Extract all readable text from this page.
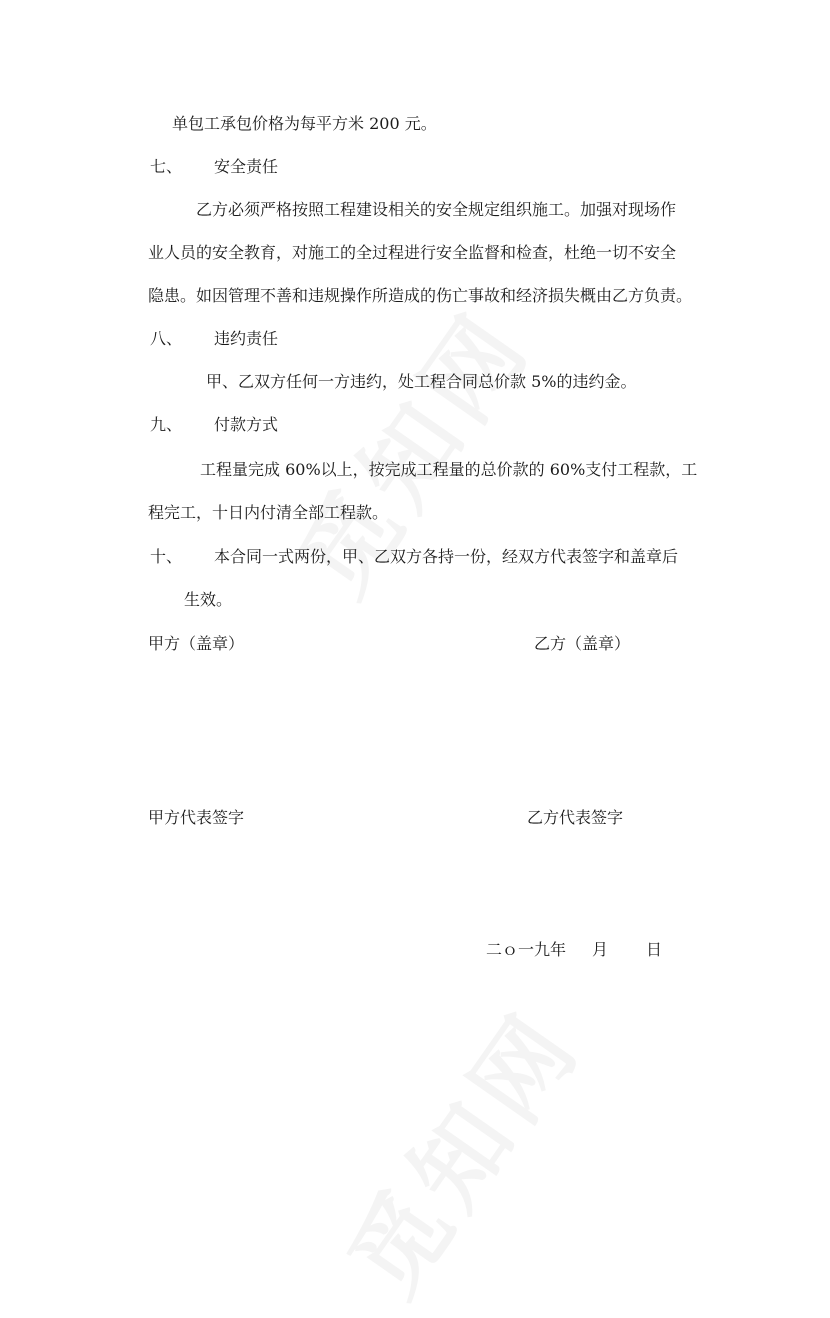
单包工承包价格为每平方米 200 元。
七、 安全责任
乙方必须严格按照工程建设相关的安全规定组织施工。加强对现场作
业人员的安全教育，对施工的全过程进行安全监督和检查，杜绝一切不安全
隐患。如因管理不善和违规操作所造成的伤亡事故和经济损失概由乙方负责。
八、 违约责任
甲、乙双方任何一方违约，处工程合同总价款 5%的违约金。
九、 付款方式
工程量完成 60%以上，按完成工程量的总价款的 60%支付工程款，工
程完工，十日内付清全部工程款。
十、 本合同一式两份，甲、乙双方各持一份，经双方代表签字和盖章后
生效。
甲方（盖章）	乙方（盖章）
甲方代表签字	乙方代表签字
二ｏ一九年 月 日
